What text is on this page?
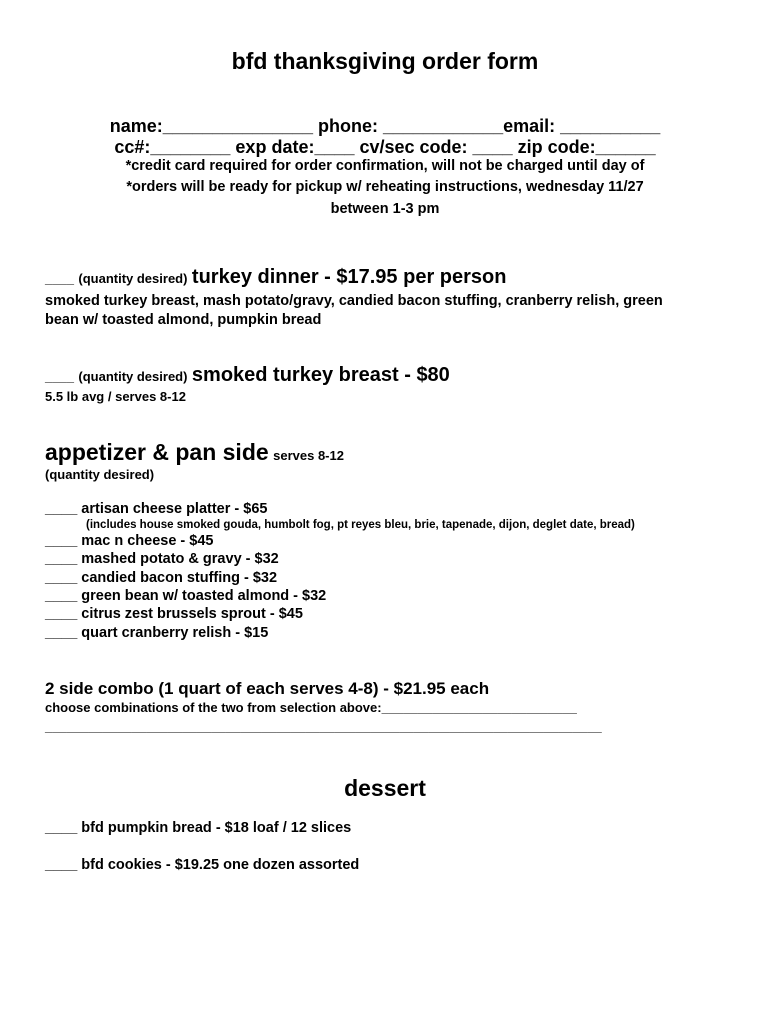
bfd thanksgiving order form
name:_______________ phone: ____________email: __________
cc#:________ exp date:____ cv/sec code: ____ zip code:______
*credit card required for order confirmation, will not be charged until day of
*orders will be ready for pickup w/ reheating instructions, wednesday 11/27
between 1-3 pm
____ (quantity desired) turkey dinner - $17.95 per person
smoked turkey breast, mash potato/gravy, candied bacon stuffing, cranberry relish, green
bean w/ toasted almond, pumpkin bread
____ (quantity desired) smoked turkey breast - $80
5.5 lb avg / serves 8-12
appetizer & pan side serves 8-12
(quantity desired)
____ artisan cheese platter - $65
(includes house smoked gouda, humbolt fog, pt reyes bleu, brie, tapenade, dijon, deglet date, bread)
____ mac n cheese - $45
____ mashed potato & gravy - $32
____ candied bacon stuffing - $32
____ green bean w/ toasted almond - $32
____ citrus zest brussels sprout - $45
____ quart cranberry relish - $15
2 side combo (1 quart of each serves 4-8) - $21.95 each
choose combinations of the two from selection above:___________________________
_____________________________________________________________________________
dessert
____ bfd pumpkin bread - $18 loaf / 12 slices
____ bfd cookies - $19.25 one dozen assorted
